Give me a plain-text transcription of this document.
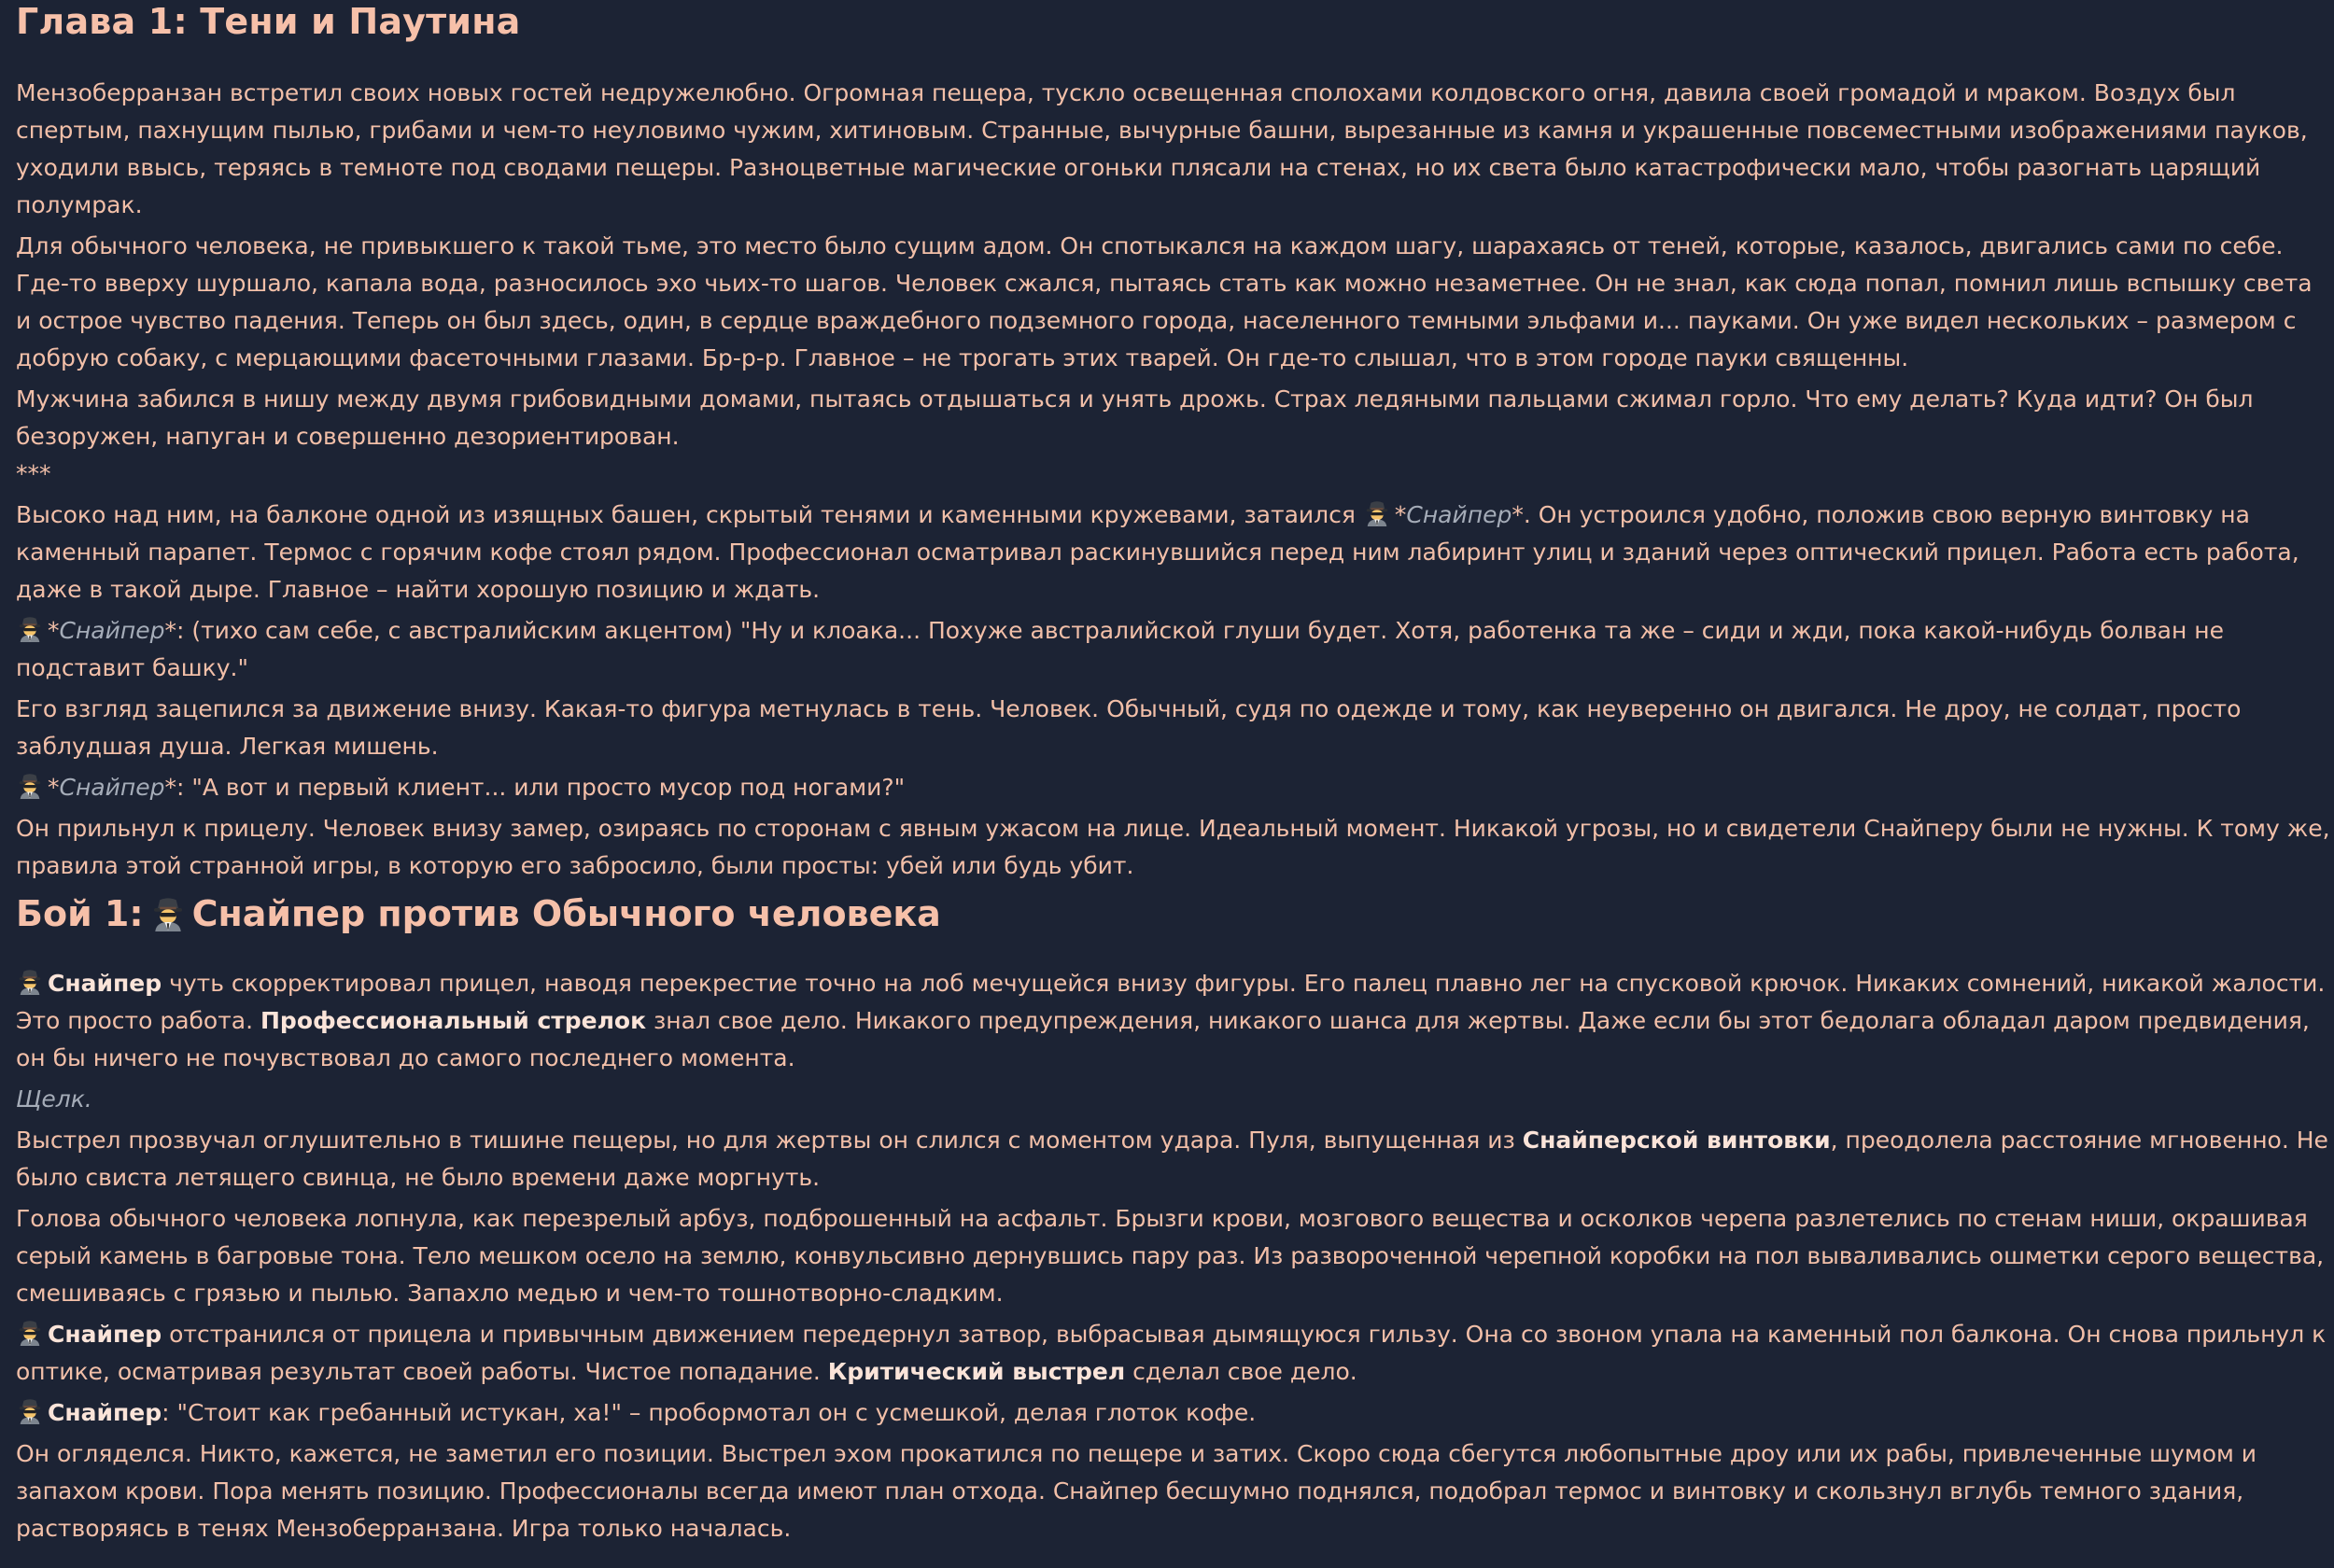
Глава 1: Тени и Паутина

Мензоберранзан встретил своих новых гостей недружелюбно. Огромная пещера, тускло освещенная сполохами колдовского огня, давила своей громадой и мраком. Воздух был спертым, пахнущим пылью, грибами и чем-то неуловимо чужим, хитиновым. Странные, вычурные башни, вырезанные из камня и украшенные повсеместными изображениями пауков, уходили ввысь, теряясь в темноте под сводами пещеры. Разноцветные магические огоньки плясали на стенах, но их света было катастрофически мало, чтобы разогнать царящий полумрак.

Для обычного человека, не привыкшего к такой тьме, это место было сущим адом. Он спотыкался на каждом шагу, шарахаясь от теней, которые, казалось, двигались сами по себе. Где-то вверху шуршало, капала вода, разносилось эхо чьих-то шагов. Человек сжался, пытаясь стать как можно незаметнее. Он не знал, как сюда попал, помнил лишь вспышку света и острое чувство падения. Теперь он был здесь, один, в сердце враждебного подземного города, населенного темными эльфами и... пауками. Он уже видел нескольких – размером с добрую собаку, с мерцающими фасеточными глазами. Бр-р-р. Главное – не трогать этих тварей. Он где-то слышал, что в этом городе пауки священны.

Мужчина забился в нишу между двумя грибовидными домами, пытаясь отдышаться и унять дрожь. Страх ледяными пальцами сжимал горло. Что ему делать? Куда идти? Он был безоружен, напуган и совершенно дезориентирован.

***

Высоко над ним, на балконе одной из изящных башен, скрытый тенями и каменными кружевами, затаился *Снайпер*. Он устроился удобно, положив свою верную винтовку на каменный парапет. Термос с горячим кофе стоял рядом. Профессионал осматривал раскинувшийся перед ним лабиринт улиц и зданий через оптический прицел. Работа есть работа, даже в такой дыре. Главное – найти хорошую позицию и ждать.

*Снайпер*: (тихо сам себе, с австралийским акцентом) "Ну и клоака... Похуже австралийской глуши будет. Хотя, работенка та же – сиди и жди, пока какой-нибудь болван не подставит башку."

Его взгляд зацепился за движение внизу. Какая-то фигура метнулась в тень. Человек. Обычный, судя по одежде и тому, как неуверенно он двигался. Не дроу, не солдат, просто заблудшая душа. Легкая мишень.

*Снайпер*: "А вот и первый клиент... или просто мусор под ногами?"

Он прильнул к прицелу. Человек внизу замер, озираясь по сторонам с явным ужасом на лице. Идеальный момент. Никакой угрозы, но и свидетели Снайперу были не нужны. К тому же, правила этой странной игры, в которую его забросило, были просты: убей или будь убит.

Бой 1: Снайпер против Обычного человека

Снайпер чуть скорректировал прицел, наводя перекрестие точно на лоб мечущейся внизу фигуры. Его палец плавно лег на спусковой крючок. Никаких сомнений, никакой жалости. Это просто работа. Профессиональный стрелок знал свое дело. Никакого предупреждения, никакого шанса для жертвы. Даже если бы этот бедолага обладал даром предвидения, он бы ничего не почувствовал до самого последнего момента.

Щелк.

Выстрел прозвучал оглушительно в тишине пещеры, но для жертвы он слился с моментом удара. Пуля, выпущенная из Снайперской винтовки, преодолела расстояние мгновенно. Не было свиста летящего свинца, не было времени даже моргнуть.

Голова обычного человека лопнула, как перезрелый арбуз, подброшенный на асфальт. Брызги крови, мозгового вещества и осколков черепа разлетелись по стенам ниши, окрашивая серый камень в багровые тона. Тело мешком осело на землю, конвульсивно дернувшись пару раз. Из развороченной черепной коробки на пол вываливались ошметки серого вещества, смешиваясь с грязью и пылью. Запахло медью и чем-то тошнотворно-сладким.

Снайпер отстранился от прицела и привычным движением передернул затвор, выбрасывая дымящуюся гильзу. Она со звоном упала на каменный пол балкона. Он снова прильнул к оптике, осматривая результат своей работы. Чистое попадание. Критический выстрел сделал свое дело.

Снайпер: "Стоит как гребанный истукан, ха!" – пробормотал он с усмешкой, делая глоток кофе.

Он огляделся. Никто, кажется, не заметил его позиции. Выстрел эхом прокатился по пещере и затих. Скоро сюда сбегутся любопытные дроу или их рабы, привлеченные шумом и запахом крови. Пора менять позицию. Профессионалы всегда имеют план отхода. Снайпер бесшумно поднялся, подобрал термос и винтовку и скользнул вглубь темного здания, растворяясь в тенях Мензоберранзана. Игра только началась.
